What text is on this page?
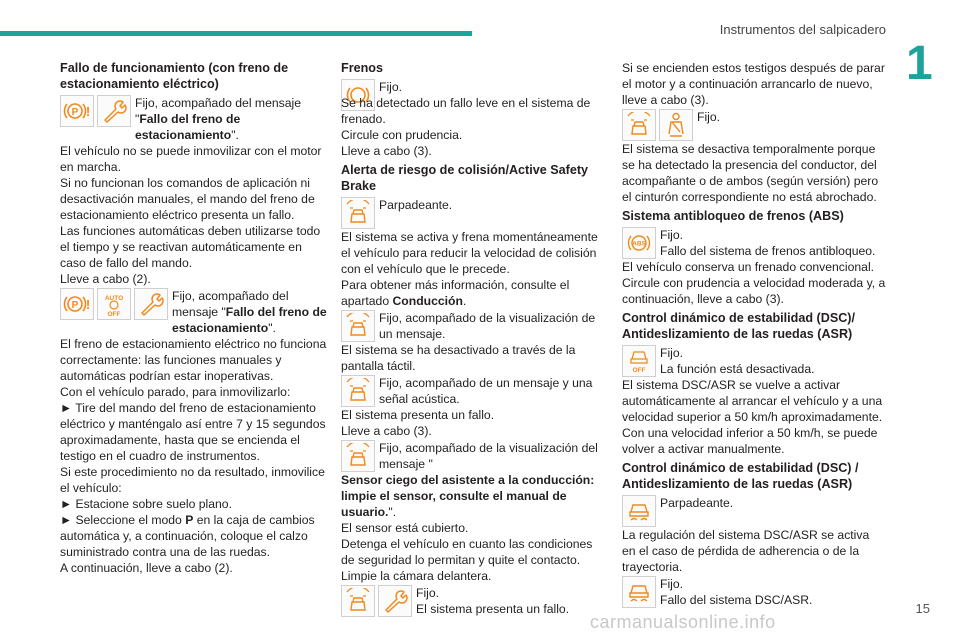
Instrumentos del salpicadero
1
Fallo de funcionamiento (con freno de estacionamiento eléctrico)
Fijo, acompañado del mensaje "Fallo del freno de estacionamiento".

El vehículo no se puede inmovilizar con el motor en marcha.

Si no funcionan los comandos de aplicación ni desactivación manuales, el mando del freno de estacionamiento eléctrico presenta un fallo.

Las funciones automáticas deben utilizarse todo el tiempo y se reactivan automáticamente en caso de fallo del mando.

Lleve a cabo (2).

AUTO
OFF
Fijo, acompañado del mensaje "Fallo del freno de estacionamiento".

El freno de estacionamiento eléctrico no funciona correctamente: las funciones manuales y automáticas podrían estar inoperativas.

Con el vehículo parado, para inmovilizarlo:

► Tire del mando del freno de estacionamiento eléctrico y manténgalo así entre 7 y 15 segundos aproximadamente, hasta que se encienda el testigo en el cuadro de instrumentos.

Si este procedimiento no da resultado, inmovilice el vehículo:

► Estacione sobre suelo plano.

► Seleccione el modo P en la caja de cambios automática y, a continuación, coloque el calzo suministrado contra una de las ruedas.

A continuación, lleve a cabo (2).

Frenos
Fijo.

Se ha detectado un fallo leve en el sistema de frenado.

Circule con prudencia.

Lleve a cabo (3).

Alerta de riesgo de colisión/Active Safety Brake
Parpadeante.

El sistema se activa y frena momentáneamente el vehículo para reducir la velocidad de colisión con el vehículo que le precede.

Para obtener más información, consulte el apartado Conducción.

Fijo, acompañado de la visualización de un mensaje.

El sistema se ha desactivado a través de la pantalla táctil.

Fijo, acompañado de un mensaje y una señal acústica.

El sistema presenta un fallo.

Lleve a cabo (3).

Fijo, acompañado de la visualización del mensaje "

Sensor ciego del asistente a la conducción: limpie el sensor, consulte el manual de usuario.".

El sensor está cubierto.

Detenga el vehículo en cuanto las condiciones de seguridad lo permitan y quite el contacto.

Limpie la cámara delantera.

Fijo.
El sistema presenta un fallo.

Si se encienden estos testigos después de parar el motor y a continuación arrancarlo de nuevo, lleve a cabo (3).

Fijo.

El sistema se desactiva temporalmente porque se ha detectado la presencia del conductor, del acompañante o de ambos (según versión) pero el cinturón correspondiente no está abrochado.

Sistema antibloqueo de frenos (ABS)
ABS
Fijo.
Fallo del sistema de frenos antibloqueo.

El vehículo conserva un frenado convencional.

Circule con prudencia a velocidad moderada y, a continuación, lleve a cabo (3).

Control dinámico de estabilidad (DSC)/ Antideslizamiento de las ruedas (ASR)
OFF
Fijo.
La función está desactivada.

El sistema DSC/ASR se vuelve a activar automáticamente al arrancar el vehículo y a una velocidad superior a 50 km/h aproximadamente.

Con una velocidad inferior a 50 km/h, se puede volver a activar manualmente.

Control dinámico de estabilidad (DSC) / Antideslizamiento de las ruedas (ASR)
Parpadeante.

La regulación del sistema DSC/ASR se activa en el caso de pérdida de adherencia o de la trayectoria.

Fijo.
Fallo del sistema DSC/ASR.
15
carmanualsonline.info
